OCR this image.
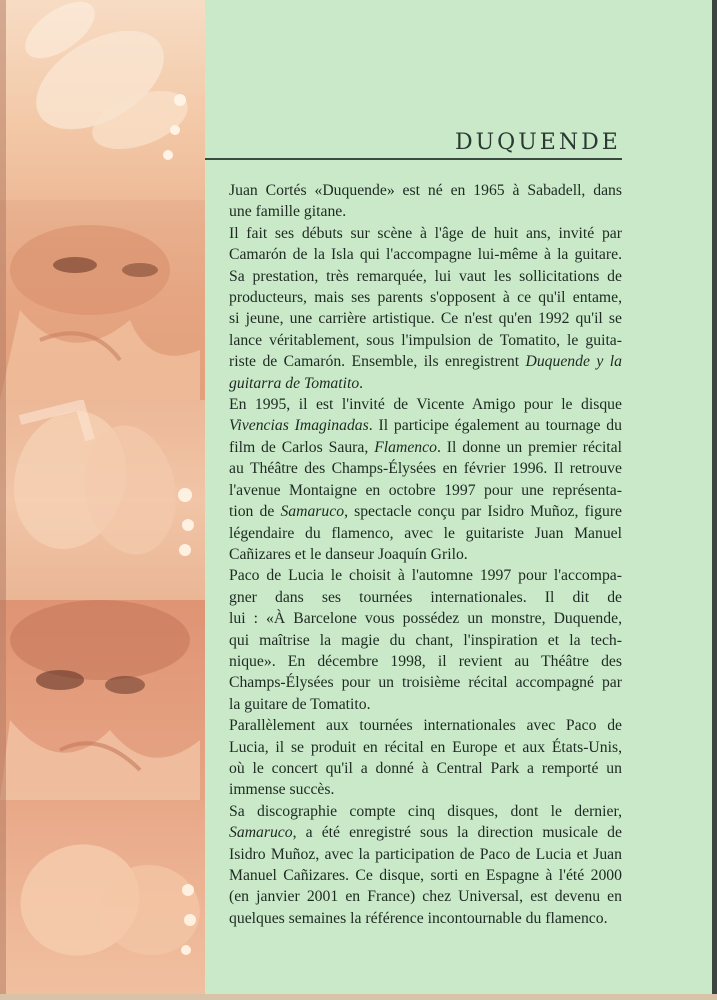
DUQUENDE

Juan Cortés «Duquende» est né en 1965 à Sabadell, dans
une famille gitane.

Il fait ses débuts sur scène à l'âge de huit ans, invité par
Camarón de la Isla qui l'accompagne lui-même à la guitare.
Sa prestation, très remarquée, lui vaut les sollicitations de
producteurs, mais ses parents s'opposent à ce qu'il entame,
si jeune, une carrière artistique. Ce n'est qu'en 1992 qu'il se
lance véritablement, sous l'impulsion de Tomatito, le guita-
riste de Camarón. Ensemble, ils enregistrent Duquende y la
guitarra de Tomatito.

En 1995, il est l'invité de Vicente Amigo pour le disque
Vivencias Imaginadas. Il participe également au tournage du
film de Carlos Saura, Flamenco. Il donne un premier récital
au Théâtre des Champs-Élysées en février 1996. Il retrouve
l'avenue Montaigne en octobre 1997 pour une représenta-
tion de Samaruco, spectacle conçu par Isidro Muñoz, figure
légendaire du flamenco, avec le guitariste Juan Manuel
Cañizares et le danseur Joaquín Grilo.

Paco de Lucia le choisit à l'automne 1997 pour l'accompa-
gner dans ses tournées internationales. Il dit de
lui : «À Barcelone vous possédez un monstre, Duquende,
qui maîtrise la magie du chant, l'inspiration et la tech-
nique». En décembre 1998, il revient au Théâtre des
Champs-Élysées pour un troisième récital accompagné par
la guitare de Tomatito.

Parallèlement aux tournées internationales avec Paco de
Lucia, il se produit en récital en Europe et aux États-Unis,
où le concert qu'il a donné à Central Park a remporté un
immense succès.

Sa discographie compte cinq disques, dont le dernier,
Samaruco, a été enregistré sous la direction musicale de
Isidro Muñoz, avec la participation de Paco de Lucia et Juan
Manuel Cañizares. Ce disque, sorti en Espagne à l'été 2000
(en janvier 2001 en France) chez Universal, est devenu en
quelques semaines la référence incontournable du flamenco.
